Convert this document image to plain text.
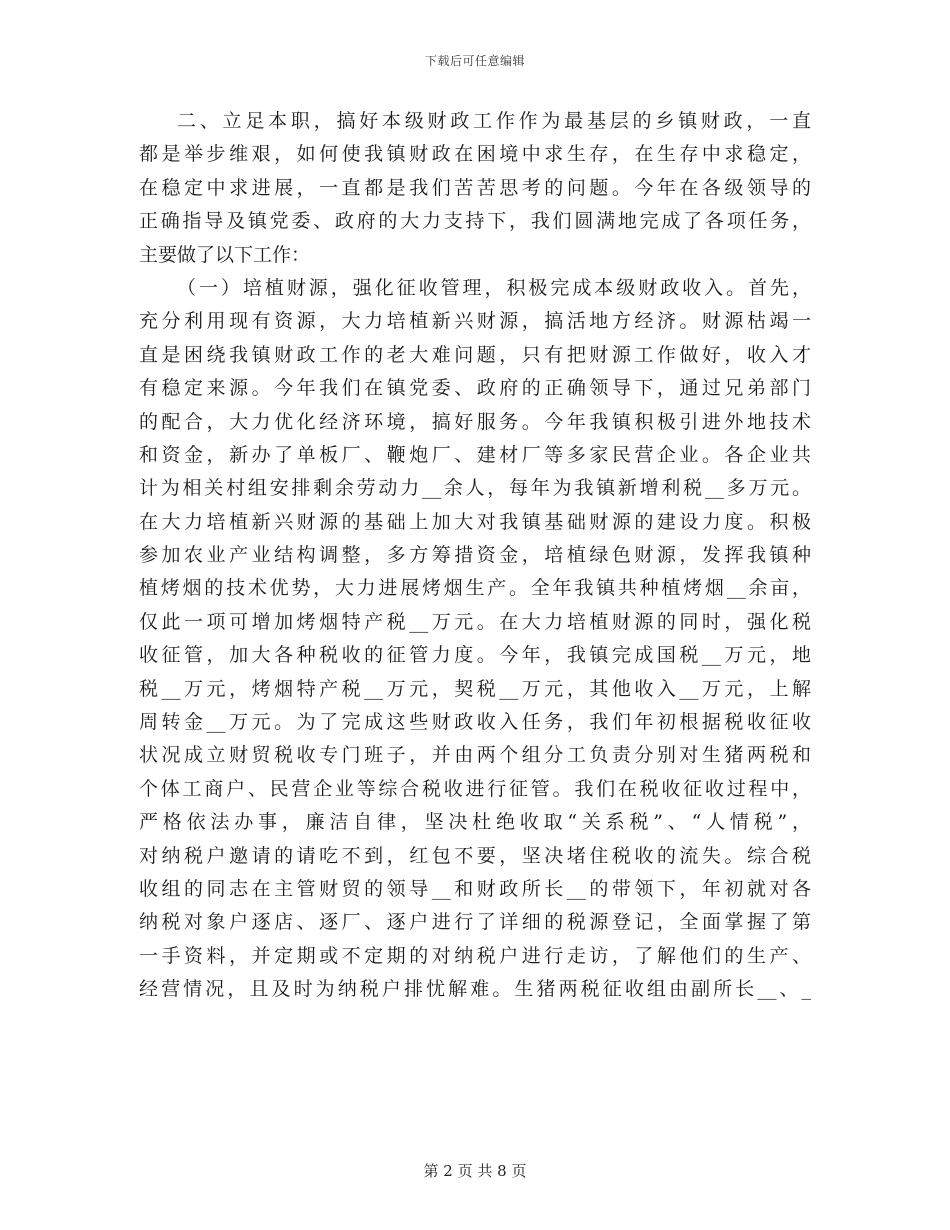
下载后可任意编辑
二、立足本职，搞好本级财政工作作为最基层的乡镇财政，一直
都是举步维艰，如何使我镇财政在困境中求生存，在生存中求稳定，
在稳定中求进展，一直都是我们苦苦思考的问题。今年在各级领导的
正确指导及镇党委、政府的大力支持下，我们圆满地完成了各项任务，
主要做了以下工作：
（一）培植财源，强化征收管理，积极完成本级财政收入。首先，
充分利用现有资源，大力培植新兴财源，搞活地方经济。财源枯竭一
直是困绕我镇财政工作的老大难问题，只有把财源工作做好，收入才
有稳定来源。今年我们在镇党委、政府的正确领导下，通过兄弟部门
的配合，大力优化经济环境，搞好服务。今年我镇积极引进外地技术
和资金，新办了单板厂、鞭炮厂、建材厂等多家民营企业。各企业共
计为相关村组安排剩余劳动力__余人，每年为我镇新增利税__多万元。
在大力培植新兴财源的基础上加大对我镇基础财源的建设力度。积极
参加农业产业结构调整，多方筹措资金，培植绿色财源，发挥我镇种
植烤烟的技术优势，大力进展烤烟生产。全年我镇共种植烤烟__余亩，
仅此一项可增加烤烟特产税__万元。在大力培植财源的同时，强化税
收征管，加大各种税收的征管力度。今年，我镇完成国税__万元，地
税__万元，烤烟特产税__万元，契税__万元，其他收入__万元，上解
周转金__万元。为了完成这些财政收入任务，我们年初根据税收征收
状况成立财贸税收专门班子，并由两个组分工负责分别对生猪两税和
个体工商户、民营企业等综合税收进行征管。我们在税收征收过程中，
严格依法办事，廉洁自律，坚决杜绝收取“关系税”、“人情税”，
对纳税户邀请的请吃不到，红包不要，坚决堵住税收的流失。综合税
收组的同志在主管财贸的领导__和财政所长__的带领下，年初就对各
纳税对象户逐店、逐厂、逐户进行了详细的税源登记，全面掌握了第
一手资料，并定期或不定期的对纳税户进行走访，了解他们的生产、
经营情况，且及时为纳税户排忧解难。生猪两税征收组由副所长__、_
第 2 页 共 8 页
